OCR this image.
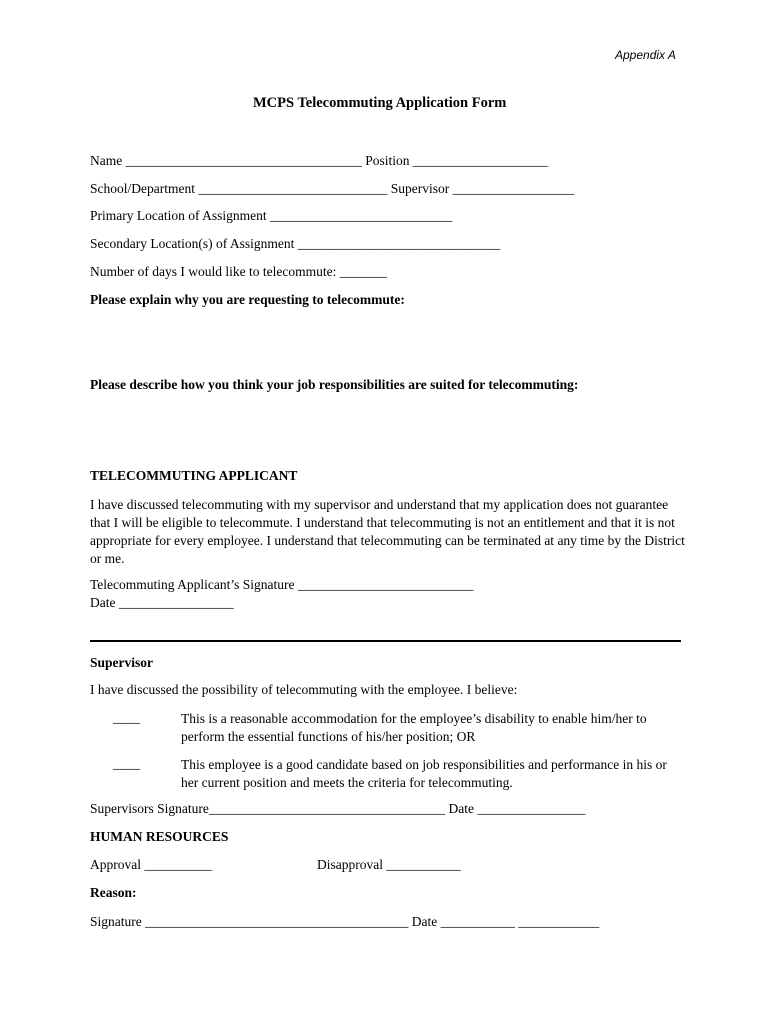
Appendix A
MCPS Telecommuting Application Form
Name ___________________________________ Position ____________________
School/Department ____________________________ Supervisor __________________
Primary Location of Assignment ___________________________
Secondary Location(s) of Assignment ______________________________
Number of days I would like to telecommute: _______
Please explain why you are requesting to telecommute:
Please describe how you think your job responsibilities are suited for telecommuting:
TELECOMMUTING APPLICANT
I have discussed telecommuting with my supervisor and understand that my application does not guarantee that I will be eligible to telecommute. I understand that telecommuting is not an entitlement and that it is not appropriate for every employee. I understand that telecommuting can be terminated at any time by the District or me.
Telecommuting Applicant’s Signature __________________________
Date _________________
Supervisor
I have discussed the possibility of telecommuting with the employee. I believe:
____	This is a reasonable accommodation for the employee’s disability to enable him/her to perform the essential functions of his/her position; OR
____	This employee is a good candidate based on job responsibilities and performance in his or her current position and meets the criteria for telecommuting.
Supervisors Signature___________________________________ Date ________________
HUMAN RESOURCES
Approval __________	Disapproval ___________
Reason:
Signature _______________________________________ Date ___________ ____________
